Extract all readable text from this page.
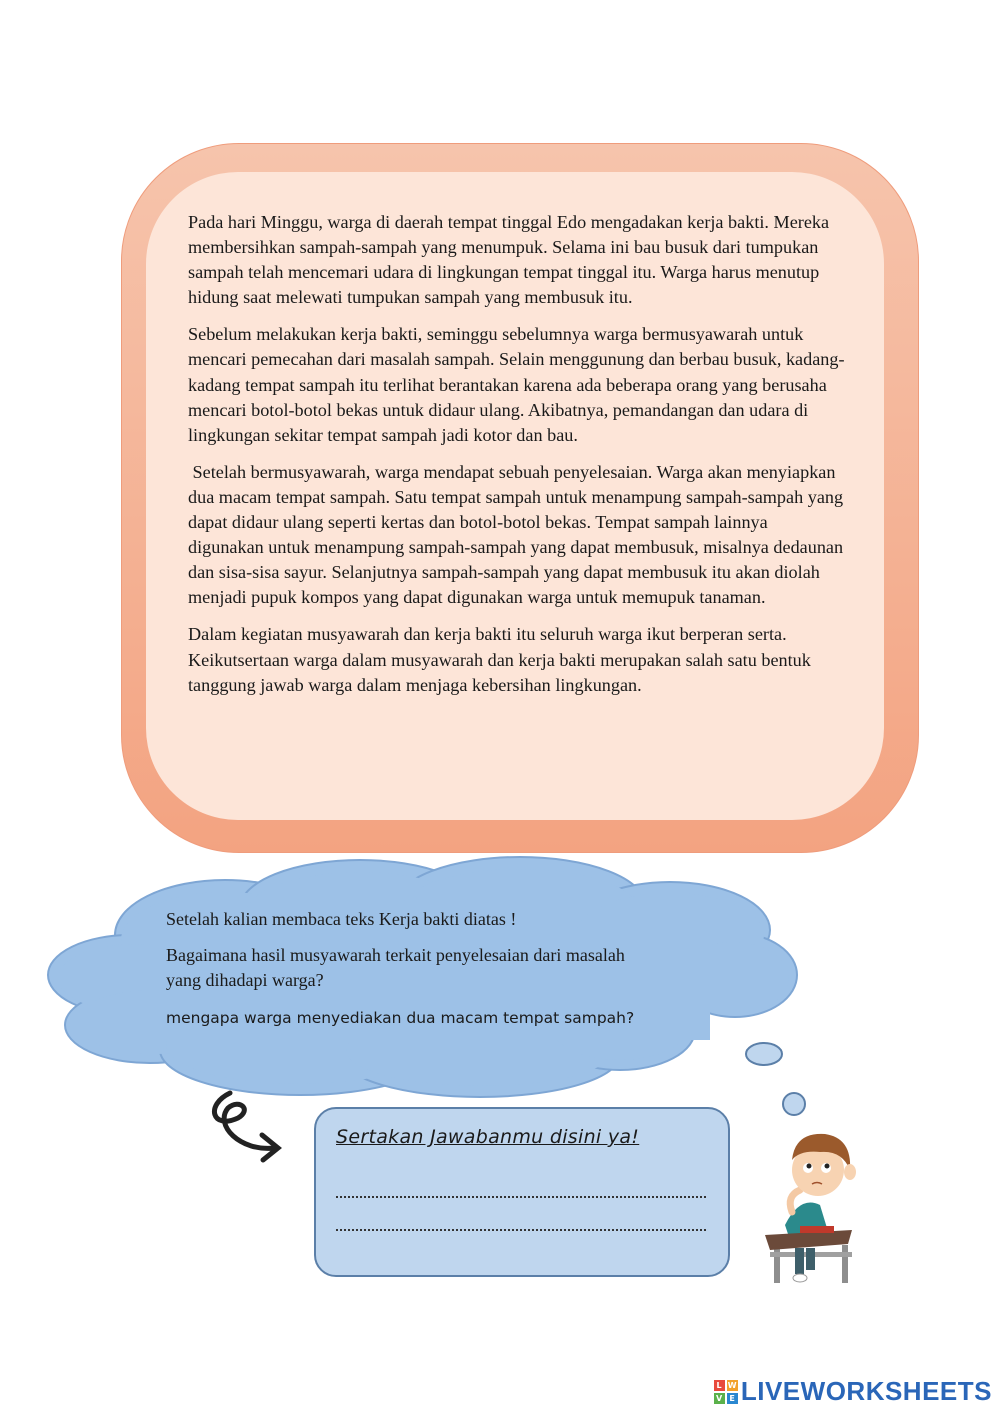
Pada hari Minggu, warga di daerah tempat tinggal Edo mengadakan kerja bakti. Mereka membersihkan sampah-sampah yang menumpuk. Selama ini bau busuk dari tumpukan sampah telah mencemari udara di lingkungan tempat tinggal itu. Warga harus menutup hidung saat melewati tumpukan sampah yang membusuk itu.

Sebelum melakukan kerja bakti, seminggu sebelumnya warga bermusyawarah untuk mencari pemecahan dari masalah sampah. Selain menggunung dan berbau busuk, kadang-kadang tempat sampah itu terlihat berantakan karena ada beberapa orang yang berusaha mencari botol-botol bekas untuk didaur ulang. Akibatnya, pemandangan dan udara di lingkungan sekitar tempat sampah jadi kotor dan bau.

Setelah bermusyawarah, warga mendapat sebuah penyelesaian. Warga akan menyiapkan dua macam tempat sampah. Satu tempat sampah untuk menampung sampah-sampah yang dapat didaur ulang seperti kertas dan botol-botol bekas. Tempat sampah lainnya digunakan untuk menampung sampah-sampah yang dapat membusuk, misalnya dedaunan dan sisa-sisa sayur. Selanjutnya sampah-sampah yang dapat membusuk itu akan diolah menjadi pupuk kompos yang dapat digunakan warga untuk memupuk tanaman.

Dalam kegiatan musyawarah dan kerja bakti itu seluruh warga ikut berperan serta. Keikutsertaan warga dalam musyawarah dan kerja bakti merupakan salah satu bentuk tanggung jawab warga dalam menjaga kebersihan lingkungan.

Setelah kalian membaca teks Kerja bakti diatas !

Bagaimana hasil musyawarah terkait penyelesaian dari masalah yang dihadapi warga?

mengapa warga menyediakan dua macam tempat sampah?

Sertakan Jawabanmu disini ya!
L W
V E LIVEWORKSHEETS
